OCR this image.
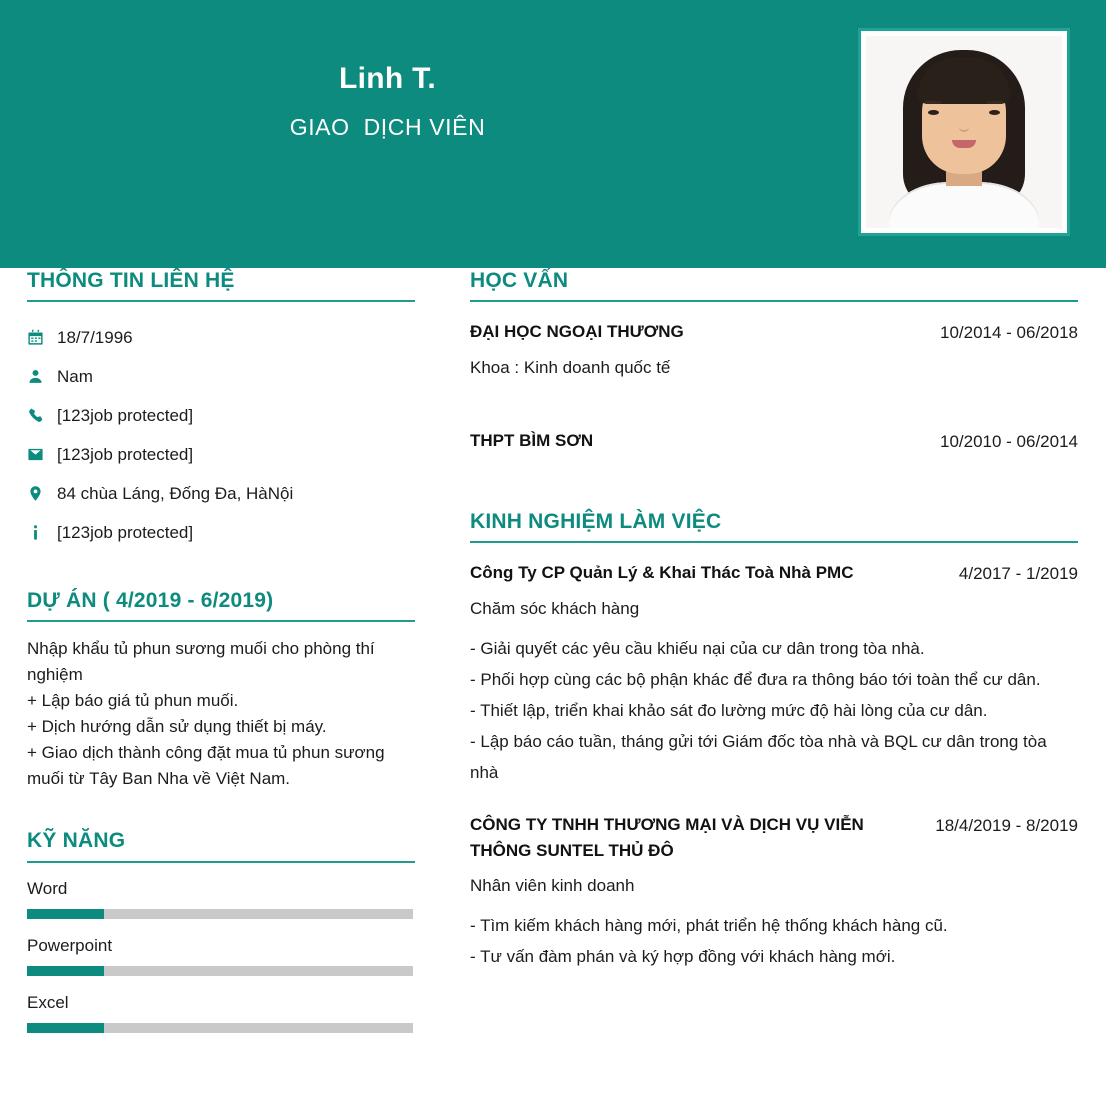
Linh T.
GIAO  DỊCH VIÊN
THÔNG TIN LIÊN HỆ
18/7/1996
Nam
[123job protected]
[123job protected]
84 chùa Láng, Đống Đa, HàNội
[123job protected]
DỰ ÁN ( 4/2019 - 6/2019)
Nhập khẩu tủ phun sương muối cho phòng thí nghiệm
+ Lập báo giá tủ phun muối.
+ Dịch hướng dẫn sử dụng thiết bị máy.
+ Giao dịch thành công đặt mua tủ phun sương muối từ Tây Ban Nha về Việt Nam.
KỸ NĂNG
Word
Powerpoint
Excel
HỌC VẤN
ĐẠI HỌC NGOẠI THƯƠNG	10/2014 - 06/2018
Khoa : Kinh doanh quốc tế
THPT BÌM SƠN	10/2010 - 06/2014
KINH NGHIỆM LÀM VIỆC
Công Ty CP Quản Lý & Khai Thác Toà Nhà PMC	4/2017 - 1/2019
Chăm sóc khách hàng
- Giải quyết các yêu cầu khiếu nại của cư dân trong tòa nhà.
- Phối hợp cùng các bộ phận khác để đưa ra thông báo tới toàn thể cư dân.
- Thiết lập, triển khai khảo sát đo lường mức độ hài lòng của cư dân.
- Lập báo cáo tuần, tháng gửi tới Giám đốc tòa nhà và BQL cư dân trong tòa nhà
CÔNG TY TNHH THƯƠNG MẠI VÀ DỊCH VỤ VIỄN THÔNG SUNTEL THỦ ĐÔ
18/4/2019 - 8/2019
Nhân viên kinh doanh
- Tìm kiếm khách hàng mới, phát triển hệ thống khách hàng cũ.
- Tư vấn đàm phán và ký hợp đồng với khách hàng mới.
